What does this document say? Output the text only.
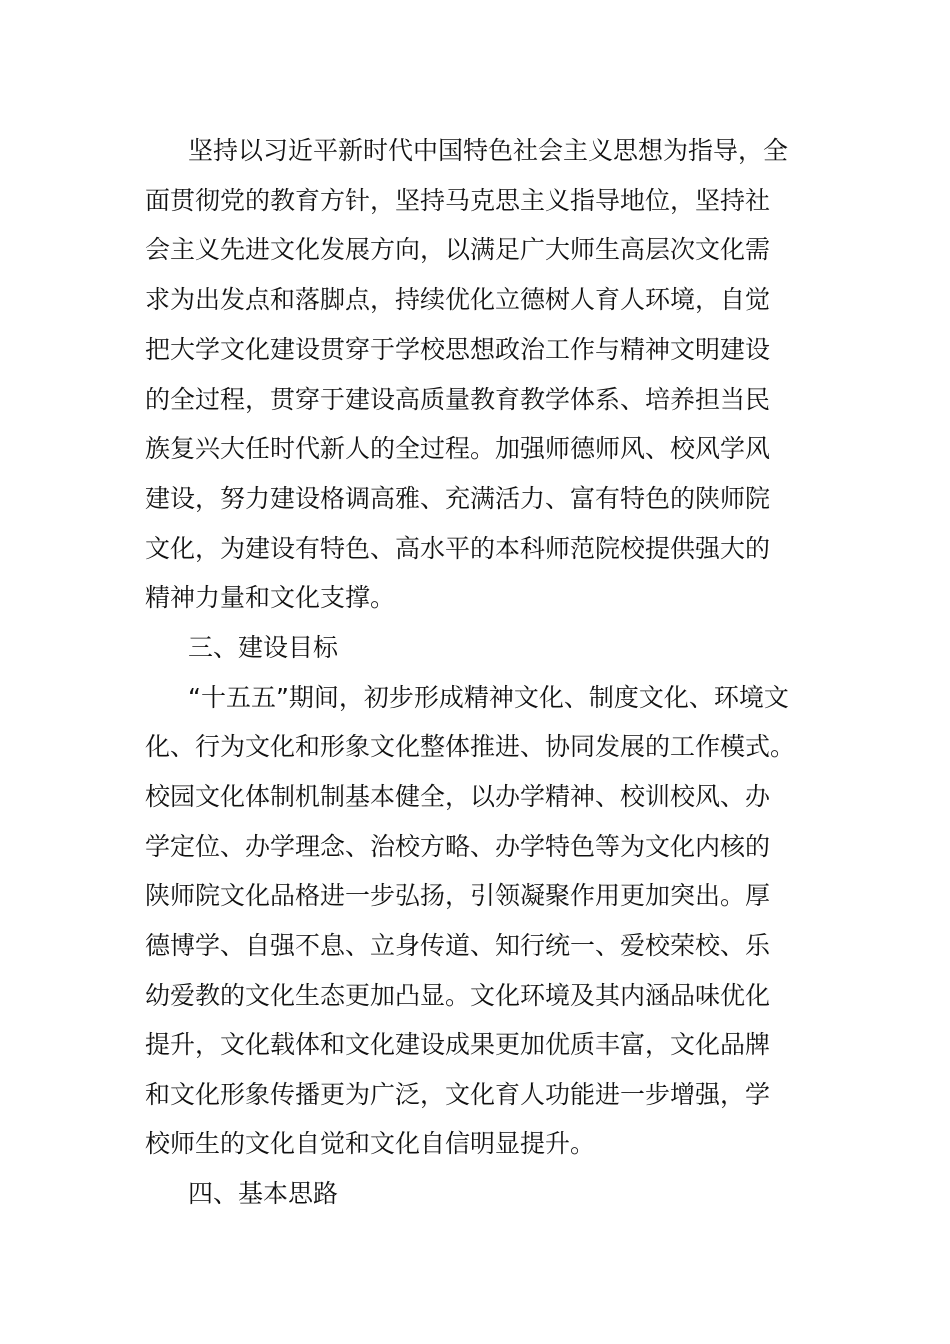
坚持以习近平新时代中国特色社会主义思想为指导，全
面贯彻党的教育方针，坚持马克思主义指导地位，坚持社
会主义先进文化发展方向，以满足广大师生高层次文化需
求为出发点和落脚点，持续优化立德树人育人环境，自觉
把大学文化建设贯穿于学校思想政治工作与精神文明建设
的全过程，贯穿于建设高质量教育教学体系、培养担当民
族复兴大任时代新人的全过程。加强师德师风、校风学风
建设，努力建设格调高雅、充满活力、富有特色的陕师院
文化，为建设有特色、高水平的本科师范院校提供强大的
精神力量和文化支撑。
三、建设目标
“十五五”期间，初步形成精神文化、制度文化、环境文
化、行为文化和形象文化整体推进、协同发展的工作模式。
校园文化体制机制基本健全，以办学精神、校训校风、办
学定位、办学理念、治校方略、办学特色等为文化内核的
陕师院文化品格进一步弘扬，引领凝聚作用更加突出。厚
德博学、自强不息、立身传道、知行统一、爱校荣校、乐
幼爱教的文化生态更加凸显。文化环境及其内涵品味优化
提升，文化载体和文化建设成果更加优质丰富，文化品牌
和文化形象传播更为广泛，文化育人功能进一步增强，学
校师生的文化自觉和文化自信明显提升。
四、基本思路
